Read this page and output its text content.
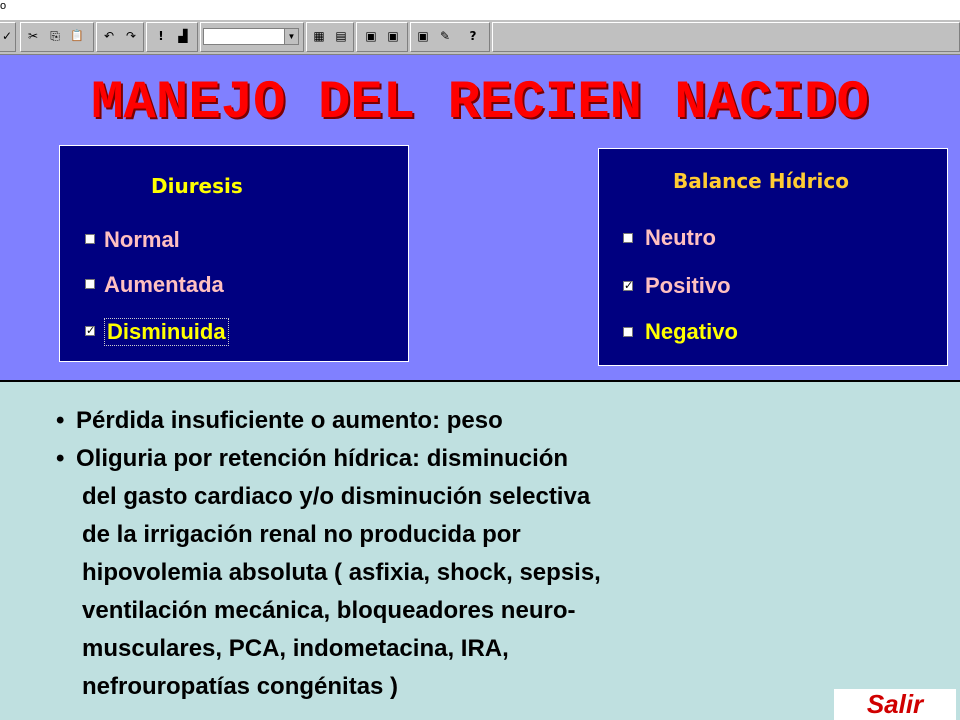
o
✓	✂	⎘ 📋	↶ ↷	!	▟	▼ ▦ ▤ ▣ ▣ ▣ ✎	?
MANEJO DEL RECIEN NACIDO
Diuresis
Normal
Aumentada
✓ Disminuida
Balance Hídrico
Neutro
✓ Positivo
Negativo
• Pérdida insuficiente o aumento: peso
• Oliguria por retención hídrica: disminución
del gasto cardiaco y/o disminución selectiva
de la irrigación renal no producida por
hipovolemia absoluta ( asfixia, shock, sepsis,
ventilación mecánica, bloqueadores neuro-
musculares, PCA, indometacina, IRA,
nefrouropatías congénitas )
Salir
